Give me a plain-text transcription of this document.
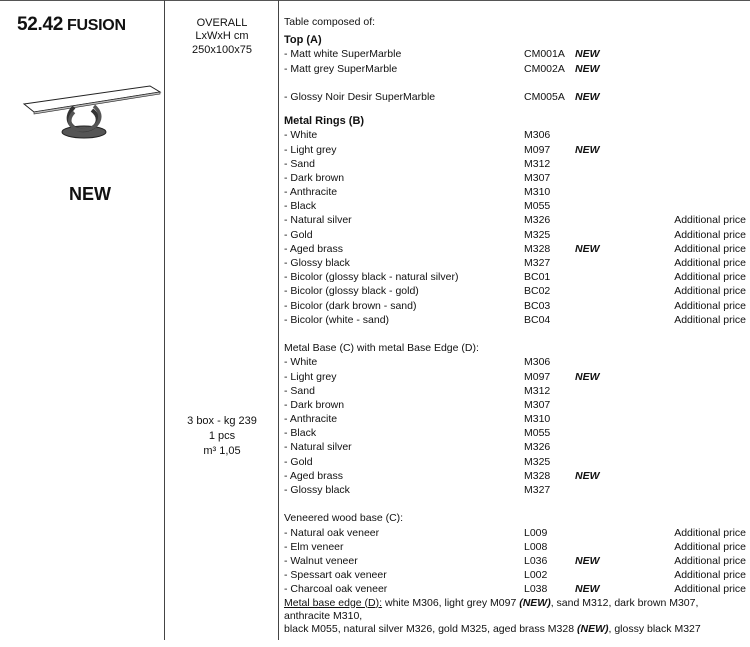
52.42 FUSION
NEW
OVERALL
LxWxH cm
250x100x75
3 box - kg 239
1 pcs
m³ 1,05
Table composed of:
Top (A)
- Matt white SuperMarble	CM001A NEW
- Matt grey SuperMarble	CM002A NEW
- Glossy Noir Desir SuperMarble	CM005A NEW
Metal Rings (B)
- White	M306
- Light grey	M097 NEW
- Sand	M312
- Dark brown	M307
- Anthracite	M310
- Black	M055
- Natural silver	M326	Additional price
- Gold	M325	Additional price
- Aged brass	M328 NEW	Additional price
- Glossy black	M327	Additional price
- Bicolor (glossy black - natural silver)	BC01	Additional price
- Bicolor (glossy black - gold)	BC02	Additional price
- Bicolor (dark brown - sand)	BC03	Additional price
- Bicolor (white - sand)	BC04	Additional price
Metal Base (C) with metal Base Edge (D):
- White	M306
- Light grey	M097 NEW
- Sand	M312
- Dark brown	M307
- Anthracite	M310
- Black	M055
- Natural silver	M326
- Gold	M325
- Aged brass	M328 NEW
- Glossy black	M327
Veneered wood base (C):
- Natural oak veneer	L009	Additional price
- Elm veneer	L008	Additional price
- Walnut veneer	L036	NEW	Additional price
- Spessart oak veneer	L002	Additional price
- Charcoal oak veneer	L038	NEW	Additional price
Metal base edge (D): white M306, light grey M097 (NEW), sand M312, dark brown M307, anthracite M310,
black M055, natural silver M326, gold M325, aged brass M328 (NEW), glossy black M327
